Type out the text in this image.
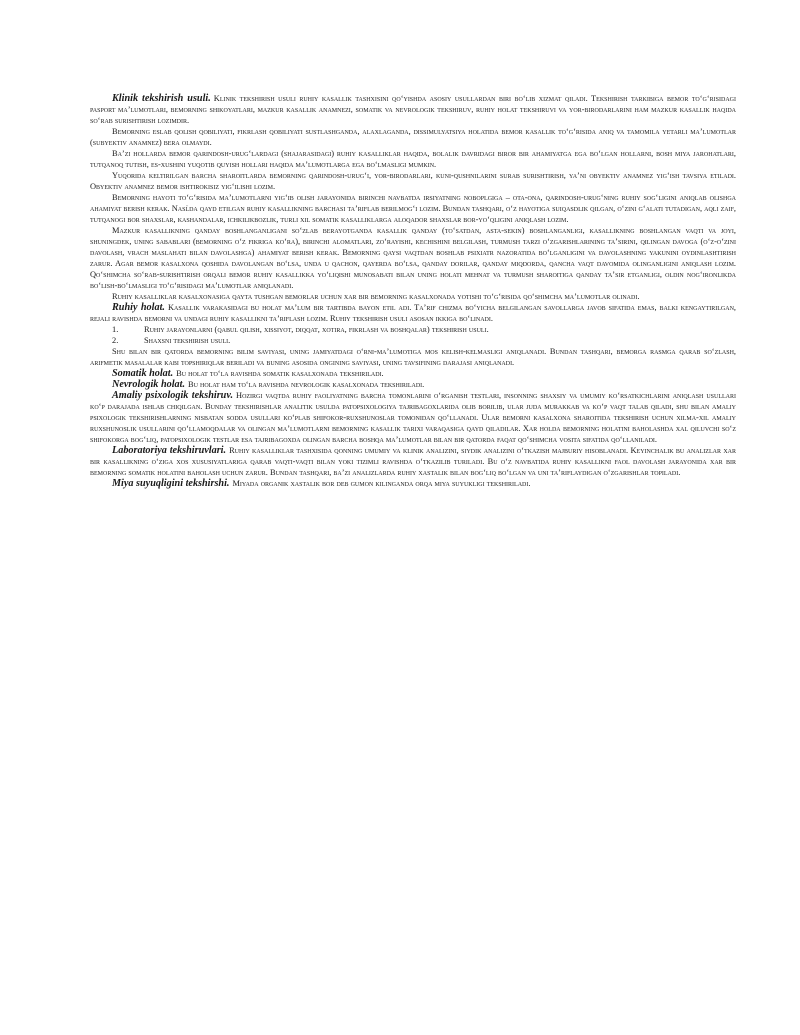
Klinik tekshirish usuli. Klinik tekshirish usuli ruhiy kasallik tashxisini qo‘yishda asosiy usullardan biri bo‘lib xizmat qiladi. Tekshirish tarkibiga bemor to‘g‘risidagi pasport ma’lumotlari, bemorning shikoyatlari, mazkur kasallik anamnezi, somatik va nevrologik tekshiruv, ruhiy holat tekshiruvi va yor-birodarlarini ham mazkur kasallik haqida so‘rab surishtirish lozimdir.

Bemorning eslab qolish qobiliyati, fikrlash qobiliyati sustlashganda, alaxlaganda, dissimulyatsiya holatida bemor kasallik to‘g‘risida aniq va tamomila yetarli ma’lumotlar (subyektiv anamnez) bera olmaydi.

Ba’zi hollarda bemor qarindosh-urug‘lardagi (shajarasidagi) ruhiy kasalliklar haqida, bolalik davridagi biror bir ahamiyatga ega bo‘lgan hollarni, bosh miya jarohatlari, tutqanoq tutish, es-xushini yuqotib quyish hollari haqida ma’lumotlarga ega bo‘lmasligi mumkin.

Yuqorida keltirilgan barcha sharoitlarda bemorning qarindosh-urug‘i, yor-birodarlari, kuni-qushnilarini surab surishtirish, ya’ni obyektiv anamnez yig‘ish tavsiya etiladi. Obyektiv anamnez bemor ishtirokisiz yig‘ilishi lozim.

Bemorning hayoti to‘g‘risida ma’lumotlarni yig‘ib olish jarayonida birinchi navbatda irsiyatning noboplgiga – ota-ona, qarindosh-urug‘ning ruhiy sog‘ligini aniqlab olishga ahamiyat berish kerak. Nasl̈da qayd etilgan ruhiy kasallikning barchasi ta’riflab berilmog‘i lozim. Bundan tashqari, o‘z hayotiga suiqasdlik qilgan, o‘zini g‘alati tutadigan, aqli zaif, tutqanogi bor shaxslar, kashandalar, ichkilikbozlik, turli xil somatik kasalliklarga aloqador shaxslar bor-yo‘qligini aniqlash lozim.

Mazkur kasallikning qanday boshlanganligani so‘zlab berayotganda kasallik qanday (to‘satdan, asta-sekin) boshlanganligi, kasallikning boshlangan vaqti va joyi, shuningdek, uning sabablari (bemorning o‘z fikriga ko‘ra), birinchi alomatlari, zo‘rayishi, kechishini belgilash, turmush tarzi o‘zgarishlarining ta’sirini, qilingan davoga (o‘z-o‘zini davolash, vrach maslahati bilan davolashga) ahamiyat berish kerak. Bemorning qaysi vaqtdan boshlab psixiatr nazoratida bo‘lganligini va davolashning yakunini oydinlashtirish zarur. Agar bemor kasalxona qoshida davolangan bo‘lsa, unda u qachon, qayerda bo‘lsa, qanday dorilar, qanday miqdorda, qancha vaqt davomida olinganligini aniqlash lozim. Qo‘shimcha so‘rab-surishtirish orqali bemor ruhiy kasallikka yo‘liqishi munosabati bilan uning holati mehnat va turmush sharoitiga qanday ta’sir etganligi, oldin nog‘ironlikda bo‘lish-bo‘lmasligi to‘g‘risidagi ma’lumotlar aniqlanadi.

Ruhiy kasalliklar kasalxonasiga qayta tushgan bemorlar uchun xar bir bemorning kasalxonada yotishi to‘g‘risida qo‘shimcha ma’lumotlar olinadi.

Ruhiy holat. Kasallik varakasidagi bu holat ma’lum bir tartibda bayon etil adi. Ta’rif chizma bo‘yicha belgilangan savollarga javob sifatida emas, balki kengaytirilgan, rejali ravishda bemorni va undagi ruhiy kasallikni ta’riflash lozim. Ruhiy tekshirish usuli asosan ikkiga bo‘linadi.

1.	Ruhiy jarayonlarni (qabul qilish, xissiyot, diqqat, xotira, fikrlash va boshqalar) tekshirish usuli.

2.	Shaxsni tekshirish usuli.

Shu bilan bir qatorda bemorning bilim saviyasi, uning jamiyatdagi o‘rni-ma’lumotiga mos kelish-kelmasligi aniqlanadi. Bundan tashqari, bemorga rasmga qarab so‘zlash, arifmetik masalalar kabi topshiriqlar beriladi va buning asosida ongining saviyasi, uning tavsifining darajasi aniqlanadi.

Somatik holat. Bu holat to‘la ravishda somatik kasalxonada tekshiriladi.

Nevrologik holat. Bu holat ham to‘la ravishda nevrologik kasalxonada tekshiriladi.

Amaliy psixologik tekshiruv. Hozirgi vaqtda ruhiy faoliyatning barcha tomonlarini o‘rganish testlari, insonning shaxsiy va umumiy ko‘rsatkichlarini aniqlash usullari ko‘p darajada ishlab chiqilgan. Bunday tekshirishlar analitik usulda patopsixologiya tajribagoxlarida olib borilib, ular juda murakkab va ko‘p vaqt talab qiladi, shu bilan amaliy psixologik tekshirishlarning nisbatan sodda usullari ko‘plab shifokor-ruxshunoslar tomonidan qo‘llanadi. Ular bemorni kasalxona sharoitida tekshirish uchun xilma-xil amaliy ruxshunoslik usullarini qo‘llamoqdalar va olingan ma’lumotlarni bemorning kasallik tarixi varaqasiga qayd qiladilar. Xar holda bemorning holatini baholashda xal qiluvchi so‘z shifokorga bog‘liq, patopsixologik testlar esa tajribagoxda olingan barcha boshqa ma’lumotlar bilan bir qatorda faqat qo‘shimcha vosita sifatida qo‘llaniladi.

Laboratoriya tekshiruvlari. Ruhiy kasalliklar tashxisida qonning umumiy va klinik analizini, siydik analizini o‘tkazish majburiy hisoblanadi. Keyinchalik bu analizlar xar bir kasallikning o‘ziga xos xususiyatlariga qarab vaqti-vaqti bilan yoki tizimli ravishda o‘tkazilib turiladi. Bu o‘z navbatida ruhiy kasallikni faol davolash jarayonida xar bir bemorning somatik holatini baholash uchun zarur. Bundan tashqari, ba’zi analizlarda ruhiy xastalik bilan bog‘liq bo‘lgan va uni ta’riflaydigan o‘zgarishlar topiladi.

Miya suyuqligini tekshirshi. Miyada organik xastalik bor deb gumon kilinganda orqa miya suyukligi tekshiriladi.
